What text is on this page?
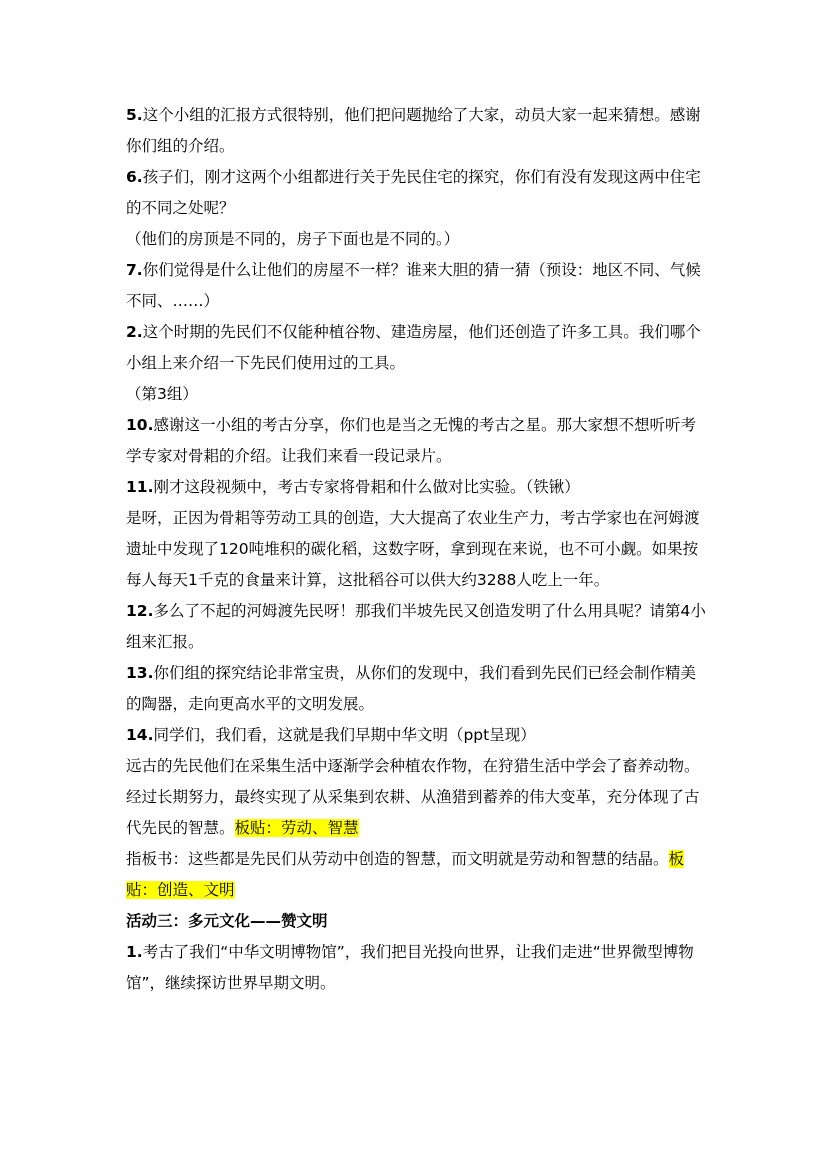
5.这个小组的汇报方式很特别，他们把问题抛给了大家，动员大家一起来猜想。感谢你们组的介绍。

6.孩子们，刚才这两个小组都进行关于先民住宅的探究，你们有没有发现这两中住宅的不同之处呢？

（他们的房顶是不同的，房子下面也是不同的。）

7.你们觉得是什么让他们的房屋不一样？谁来大胆的猜一猜（预设：地区不同、气候不同、……）

2.这个时期的先民们不仅能种植谷物、建造房屋，他们还创造了许多工具。我们哪个小组上来介绍一下先民们使用过的工具。

（第3组）

10.感谢这一小组的考古分享，你们也是当之无愧的考古之星。那大家想不想听听考学专家对骨耜的介绍。让我们来看一段记录片。

11.刚才这段视频中，考古专家将骨耜和什么做对比实验。（铁锹）

是呀，正因为骨耜等劳动工具的创造，大大提高了农业生产力，考古学家也在河姆渡遗址中发现了120吨堆积的碳化稻，这数字呀，拿到现在来说，也不可小觑。如果按每人每天1千克的食量来计算，这批稻谷可以供大约3288人吃上一年。

12.多么了不起的河姆渡先民呀！那我们半坡先民又创造发明了什么用具呢？请第4小组来汇报。

13.你们组的探究结论非常宝贵，从你们的发现中，我们看到先民们已经会制作精美的陶器，走向更高水平的文明发展。

14.同学们，我们看，这就是我们早期中华文明（ppt呈现）

远古的先民他们在采集生活中逐渐学会种植农作物，在狩猎生活中学会了畜养动物。经过长期努力，最终实现了从采集到农耕、从渔猎到蓄养的伟大变革，充分体现了古代先民的智慧。板贴：劳动、智慧

指板书：这些都是先民们从劳动中创造的智慧，而文明就是劳动和智慧的结晶。板贴：创造、文明

活动三：多元文化——赞文明

1.考古了我们“中华文明博物馆”，我们把目光投向世界，让我们走进“世界微型博物馆”，继续探访世界早期文明。
